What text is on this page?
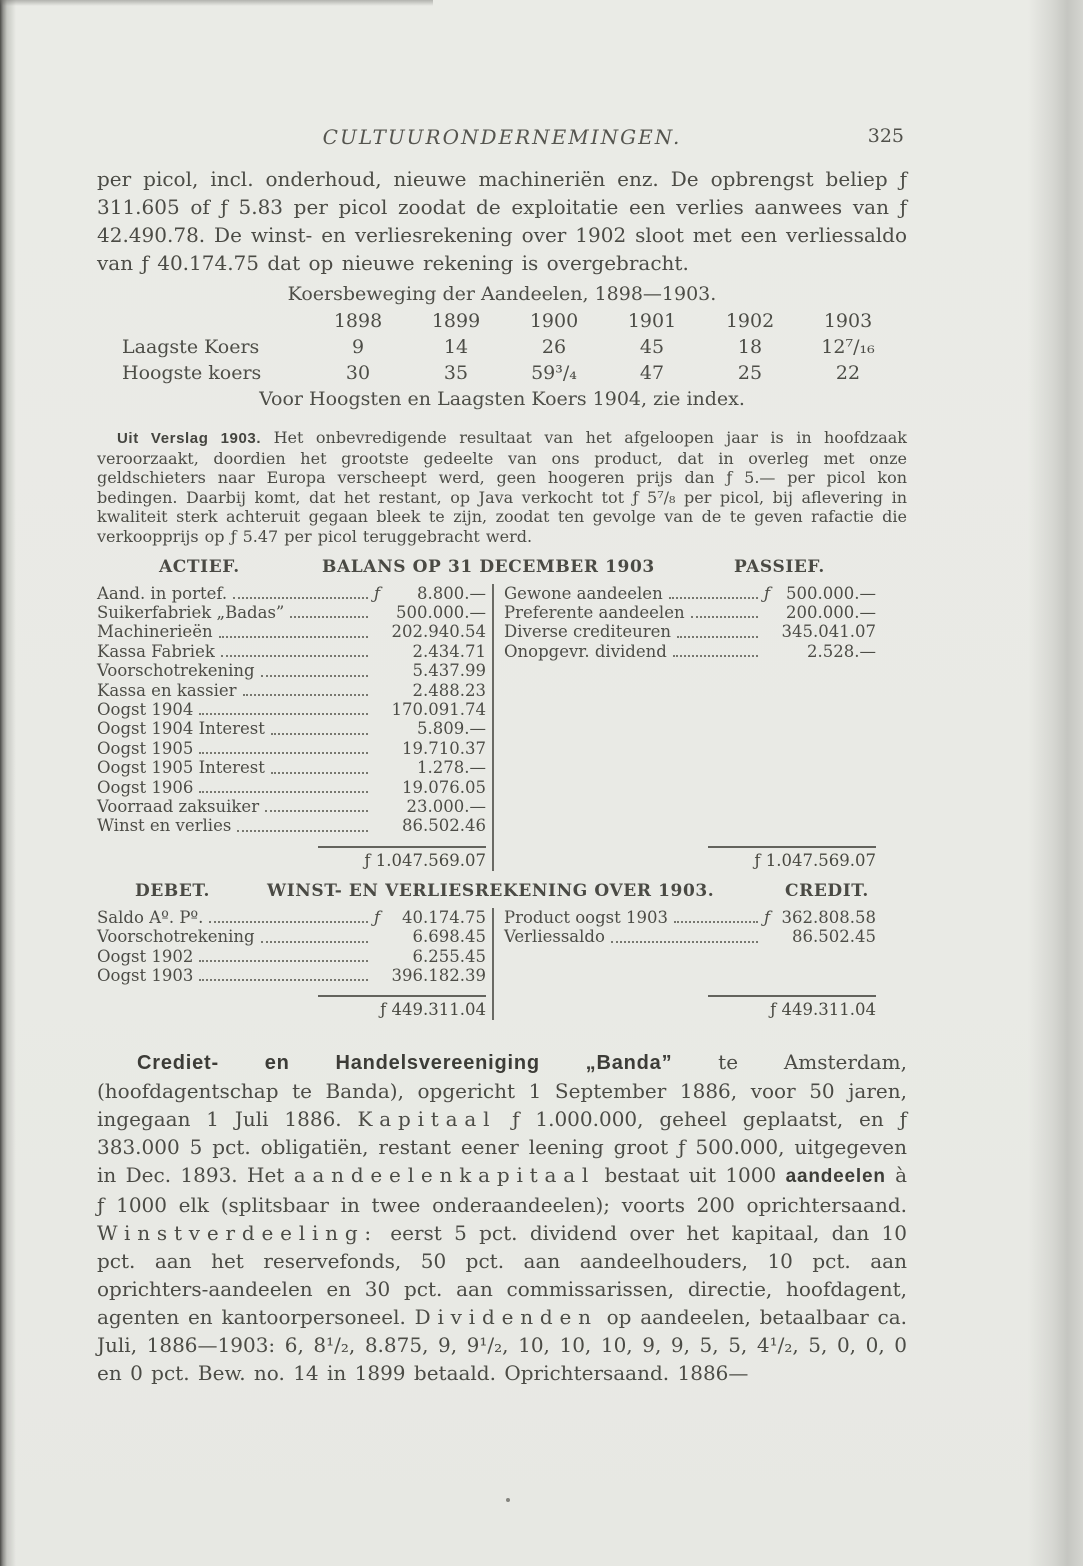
CULTUURONDERNEMINGEN.	325

per picol, incl. onderhoud, nieuwe machineriën enz. De opbrengst beliep ƒ 311.605 of ƒ 5.83 per picol zoodat de exploitatie een verlies aanwees van ƒ 42.490.78. De winst- en verliesrekening over 1902 sloot met een verliessaldo van ƒ 40.174.75 dat op nieuwe rekening is overgebracht.

Koersbeweging der Aandeelen, 1898—1903.
1898	1899	1900	1901	1902	1903
Laagste Koers	9	14	26	45	18	12⁷/₁₆
Hoogste koers	30	35	59³/₄	47	25	22
Voor Hoogsten en Laagsten Koers 1904, zie index.

Uit Verslag 1903. Het onbevredigende resultaat van het afgeloopen jaar is in hoofdzaak veroorzaakt, doordien het grootste gedeelte van ons product, dat in overleg met onze geldschieters naar Europa verscheept werd, geen hoogeren prijs dan ƒ 5.— per picol kon bedingen. Daarbij komt, dat het restant, op Java verkocht tot ƒ 5⁷/₈ per picol, bij aflevering in kwaliteit sterk achteruit gegaan bleek te zijn, zoodat ten gevolge van de te geven rafactie die verkoopprijs op ƒ 5.47 per picol teruggebracht werd.

ACTIEF.	BALANS OP 31 DECEMBER 1903	PASSIEF.
Aand. in portef.	ƒ	8.800.—
Suikerfabriek „Badas”	500.000.—
Machinerieën	202.940.54
Kassa Fabriek	2.434.71
Voorschotrekening	5.437.99
Kassa en kassier	2.488.23
Oogst 1904	170.091.74
Oogst 1904 Interest	5.809.—
Oogst 1905	19.710.37
Oogst 1905 Interest	1.278.—
Oogst 1906	19.076.05
Voorraad zaksuiker	23.000.—
Winst en verlies	86.502.46
ƒ 1.047.569.07
Gewone aandeelen	ƒ 500.000.—
Preferente aandeelen	200.000.—
Diverse crediteuren	345.041.07
Onopgevr. dividend	2.528.—
ƒ 1.047.569.07
DEBET.	WINST- EN VERLIESREKENING OVER 1903.	CREDIT.
Saldo Aº. Pº.	ƒ	40.174.75
Voorschotrekening	6.698.45
Oogst 1902	6.255.45
Oogst 1903	396.182.39
ƒ 449.311.04
Product oogst 1903	ƒ 362.808.58
Verliessaldo	86.502.45
ƒ 449.311.04

Crediet- en Handelsvereeniging „Banda” te Amsterdam, (hoofdagentschap te Banda), opgericht 1 September 1886, voor 50 jaren, ingegaan 1 Juli 1886. Kapitaal ƒ 1.000.000, geheel geplaatst, en ƒ 383.000 5 pct. obligatiën, restant eener leening groot ƒ 500.000, uitgegeven in Dec. 1893. Het aandeelenkapitaal bestaat uit 1000 aandeelen à ƒ 1000 elk (splitsbaar in twee onderaandeelen); voorts 200 oprichtersaand. Winstverdeeling: eerst 5 pct. dividend over het kapitaal, dan 10 pct. aan het reservefonds, 50 pct. aan aandeelhouders, 10 pct. aan oprichters-aandeelen en 30 pct. aan commissarissen, directie, hoofdagent, agenten en kantoorpersoneel. Dividenden op aandeelen, betaalbaar ca. Juli, 1886—1903: 6, 8¹/₂, 8.875, 9, 9¹/₂, 10, 10, 10, 9, 9, 5, 5, 4¹/₂, 5, 0, 0, 0 en 0 pct. Bew. no. 14 in 1899 betaald. Oprichtersaand. 1886—
